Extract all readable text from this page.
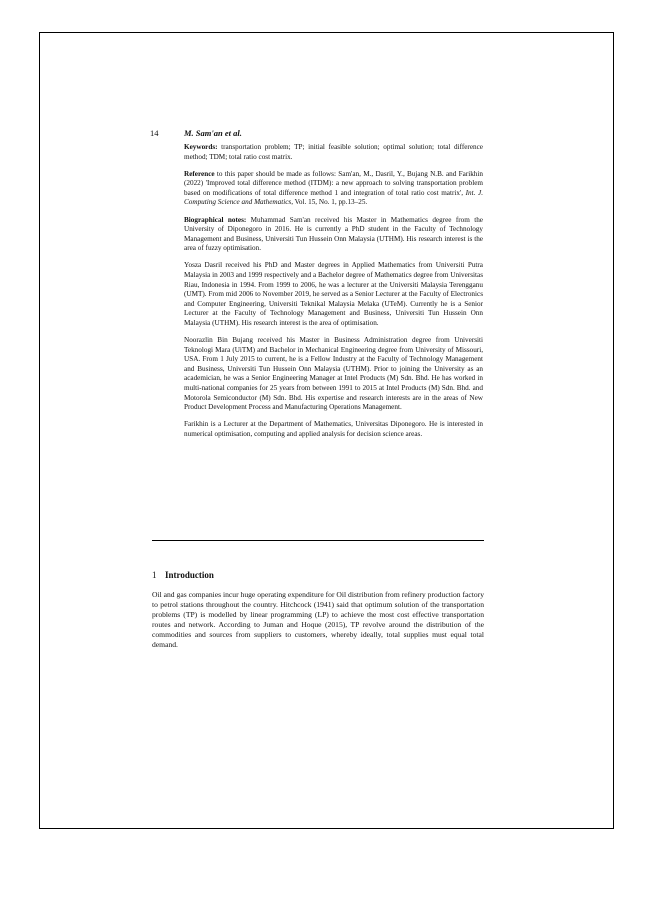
14	M. Sam'an et al.

Keywords: transportation problem; TP; initial feasible solution; optimal solution; total difference method; TDM; total ratio cost matrix.

Reference to this paper should be made as follows: Sam'an, M., Dasril, Y., Bujang N.B. and Farikhin (2022) 'Improved total difference method (ITDM): a new approach to solving transportation problem based on modifications of total difference method 1 and integration of total ratio cost matrix', Int. J. Computing Science and Mathematics, Vol. 15, No. 1, pp.13–25.

Biographical notes: Muhammad Sam'an received his Master in Mathematics degree from the University of Diponegoro in 2016. He is currently a PhD student in the Faculty of Technology Management and Business, Universiti Tun Hussein Onn Malaysia (UTHM). His research interest is the area of fuzzy optimisation.

Yosza Dasril received his PhD and Master degrees in Applied Mathematics from Universiti Putra Malaysia in 2003 and 1999 respectively and a Bachelor degree of Mathematics degree from Universitas Riau, Indonesia in 1994. From 1999 to 2006, he was a lecturer at the Universiti Malaysia Terengganu (UMT). From mid 2006 to November 2019, he served as a Senior Lecturer at the Faculty of Electronics and Computer Engineering, Universiti Teknikal Malaysia Melaka (UTeM). Currently he is a Senior Lecturer at the Faculty of Technology Management and Business, Universiti Tun Hussein Onn Malaysia (UTHM). His research interest is the area of optimisation.

Noorazlin Bin Bujang received his Master in Business Administration degree from Universiti Teknologi Mara (UiTM) and Bachelor in Mechanical Engineering degree from University of Missouri, USA. From 1 July 2015 to current, he is a Fellow Industry at the Faculty of Technology Management and Business, Universiti Tun Hussein Onn Malaysia (UTHM). Prior to joining the University as an academician, he was a Senior Engineering Manager at Intel Products (M) Sdn. Bhd. He has worked in multi-national companies for 25 years from between 1991 to 2015 at Intel Products (M) Sdn. Bhd. and Motorola Semiconductor (M) Sdn. Bhd. His expertise and research interests are in the areas of New Product Development Process and Manufacturing Operations Management.

Farikhin is a Lecturer at the Department of Mathematics, Universitas Diponegoro. He is interested in numerical optimisation, computing and applied analysis for decision science areas.

1 Introduction

Oil and gas companies incur huge operating expenditure for Oil distribution from refinery production factory to petrol stations throughout the country. Hitchcock (1941) said that optimum solution of the transportation problems (TP) is modelled by linear programming (LP) to achieve the most cost effective transportation routes and network. According to Juman and Hoque (2015), TP revolve around the distribution of the commodities and sources from suppliers to customers, whereby ideally, total supplies must equal total demand.
